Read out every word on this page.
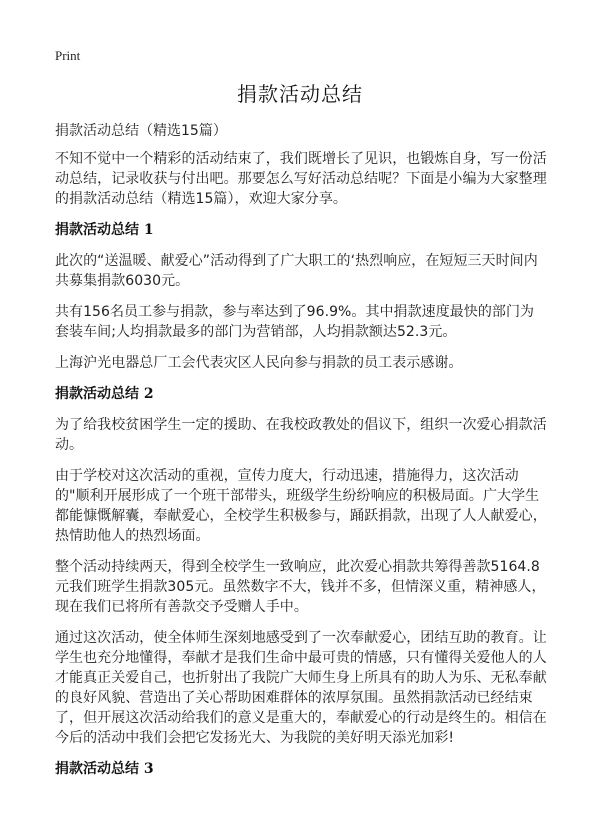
Print
捐款活动总结

捐款活动总结（精选15篇）

不知不觉中一个精彩的活动结束了，我们既增长了见识，也锻炼自身，写一份活动总结，记录收获与付出吧。那要怎么写好活动总结呢？下面是小编为大家整理的捐款活动总结（精选15篇），欢迎大家分享。

捐款活动总结 1

此次的“送温暖、献爱心”活动得到了广大职工的‘热烈响应，在短短三天时间内共募集捐款6030元。

共有156名员工参与捐款，参与率达到了96.9%。其中捐款速度最快的部门为套装车间;人均捐款最多的部门为营销部，人均捐款额达52.3元。

上海沪光电器总厂工会代表灾区人民向参与捐款的员工表示感谢。

捐款活动总结 2

为了给我校贫困学生一定的援助、在我校政教处的倡议下，组织一次爱心捐款活动。

由于学校对这次活动的重视，宣传力度大，行动迅速，措施得力，这次活动的"顺利开展形成了一个班干部带头，班级学生纷纷响应的积极局面。广大学生都能慷慨解囊，奉献爱心，全校学生积极参与，踊跃捐款，出现了人人献爱心，热情助他人的热烈场面。

整个活动持续两天，得到全校学生一致响应，此次爱心捐款共筹得善款5164.8元我们班学生捐款305元。虽然数字不大，钱并不多，但情深义重，精神感人，现在我们已将所有善款交予受赠人手中。

通过这次活动，使全体师生深刻地感受到了一次奉献爱心，团结互助的教育。让学生也充分地懂得，奉献才是我们生命中最可贵的情感，只有懂得关爱他人的人才能真正关爱自己，也折射出了我院广大师生身上所具有的助人为乐、无私奉献的良好风貌、营造出了关心帮助困难群体的浓厚氛围。虽然捐款活动已经结束了，但开展这次活动给我们的意义是重大的，奉献爱心的行动是终生的。相信在今后的活动中我们会把它发扬光大、为我院的美好明天添光加彩!

捐款活动总结 3
